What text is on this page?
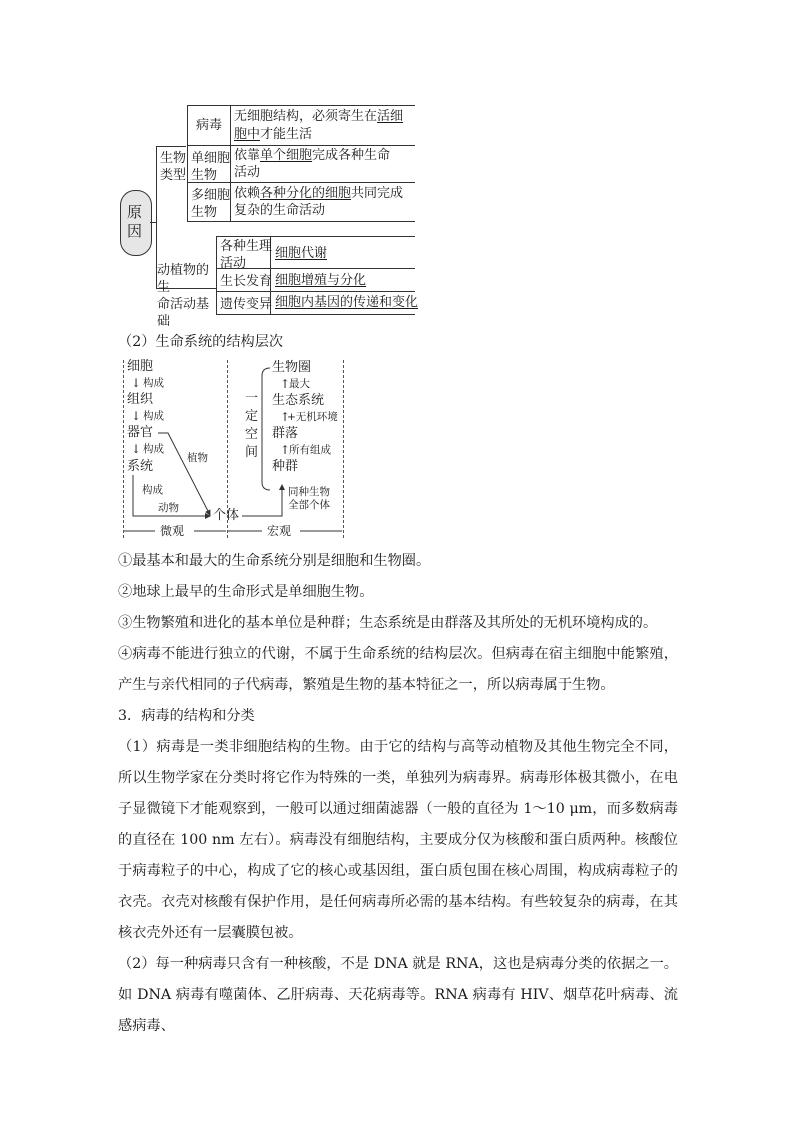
原因
生物
类型
动植物的生
命活动基础
病毒
单细胞
生物
多细胞
生物
无细胞结构，必须寄生在活细
胞中才能生活
依靠单个细胞完成各种生命
活动
依赖各种分化的细胞共同完成
复杂的生命活动
各种生理
活动
生长发育
遗传变异
细胞代谢
细胞增殖与分化
细胞内基因的传递和变化
（2）生命系统的结构层次
细胞
↓ 构成
组织
↓ 构成
器官
↓ 构成
系统
构成
动物
植物
个体
一
定
空
间
生物圈
↑
最大
生态系统
↑
+无机环境
群落
↑
所有组成
种群
同种生物
全部个体
微观	宏观

①最基本和最大的生命系统分别是细胞和生物圈。

②地球上最早的生命形式是单细胞生物。

③生物繁殖和进化的基本单位是种群；生态系统是由群落及其所处的无机环境构成的。

④病毒不能进行独立的代谢，不属于生命系统的结构层次。但病毒在宿主细胞中能繁殖，产生与亲代相同的子代病毒，繁殖是生物的基本特征之一，所以病毒属于生物。

3．病毒的结构和分类

（1）病毒是一类非细胞结构的生物。由于它的结构与高等动植物及其他生物完全不同，所以生物学家在分类时将它作为特殊的一类，单独列为病毒界。病毒形体极其微小，在电子显微镜下才能观察到，一般可以通过细菌滤器（一般的直径为 1～10 μm，而多数病毒的直径在 100 nm 左右）。病毒没有细胞结构，主要成分仅为核酸和蛋白质两种。核酸位于病毒粒子的中心，构成了它的核心或基因组，蛋白质包围在核心周围，构成病毒粒子的衣壳。衣壳对核酸有保护作用，是任何病毒所必需的基本结构。有些较复杂的病毒，在其核衣壳外还有一层囊膜包被。

（2）每一种病毒只含有一种核酸，不是 DNA 就是 RNA，这也是病毒分类的依据之一。如 DNA 病毒有噬菌体、乙肝病毒、天花病毒等。RNA 病毒有 HIV、烟草花叶病毒、流感病毒、
